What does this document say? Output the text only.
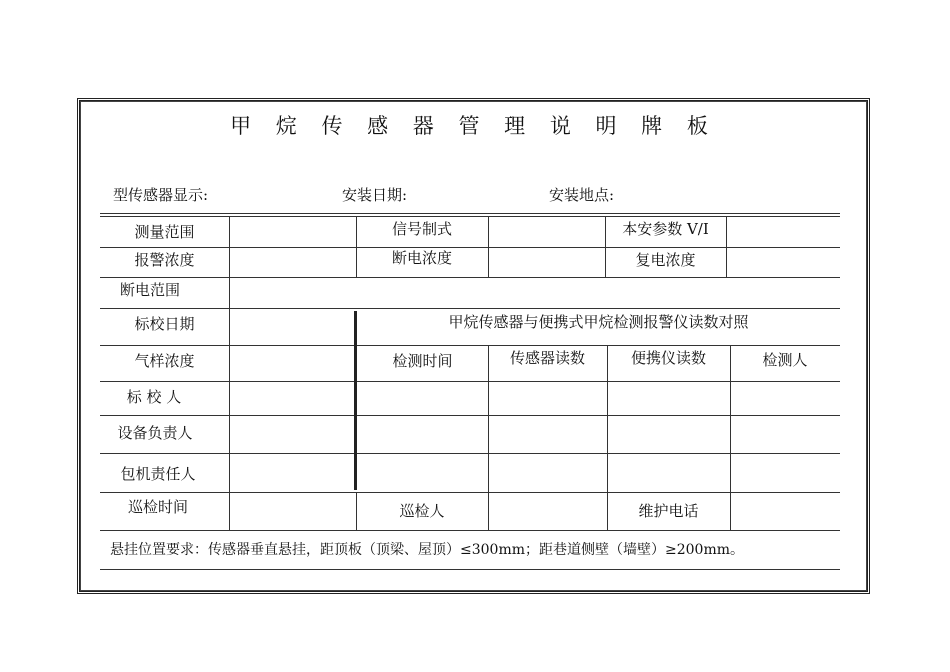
甲 烷 传 感 器 管 理 说 明 牌 板
型传感器显示:	安装日期:	安装地点:
测量范围	信号制式	本安参数 V/I
报警浓度	断电浓度	复电浓度
断电范围
标校日期	甲烷传感器与便携式甲烷检测报警仪读数对照
气样浓度	检测时间	传感器读数	便携仪读数	检测人
标 校 人
设备负责人
包机责任人
巡检时间	巡检人	维护电话
悬挂位置要求：传感器垂直悬挂，距顶板（顶梁、屋顶）≤300mm；距巷道侧壁（墙壁）≥200mm。
